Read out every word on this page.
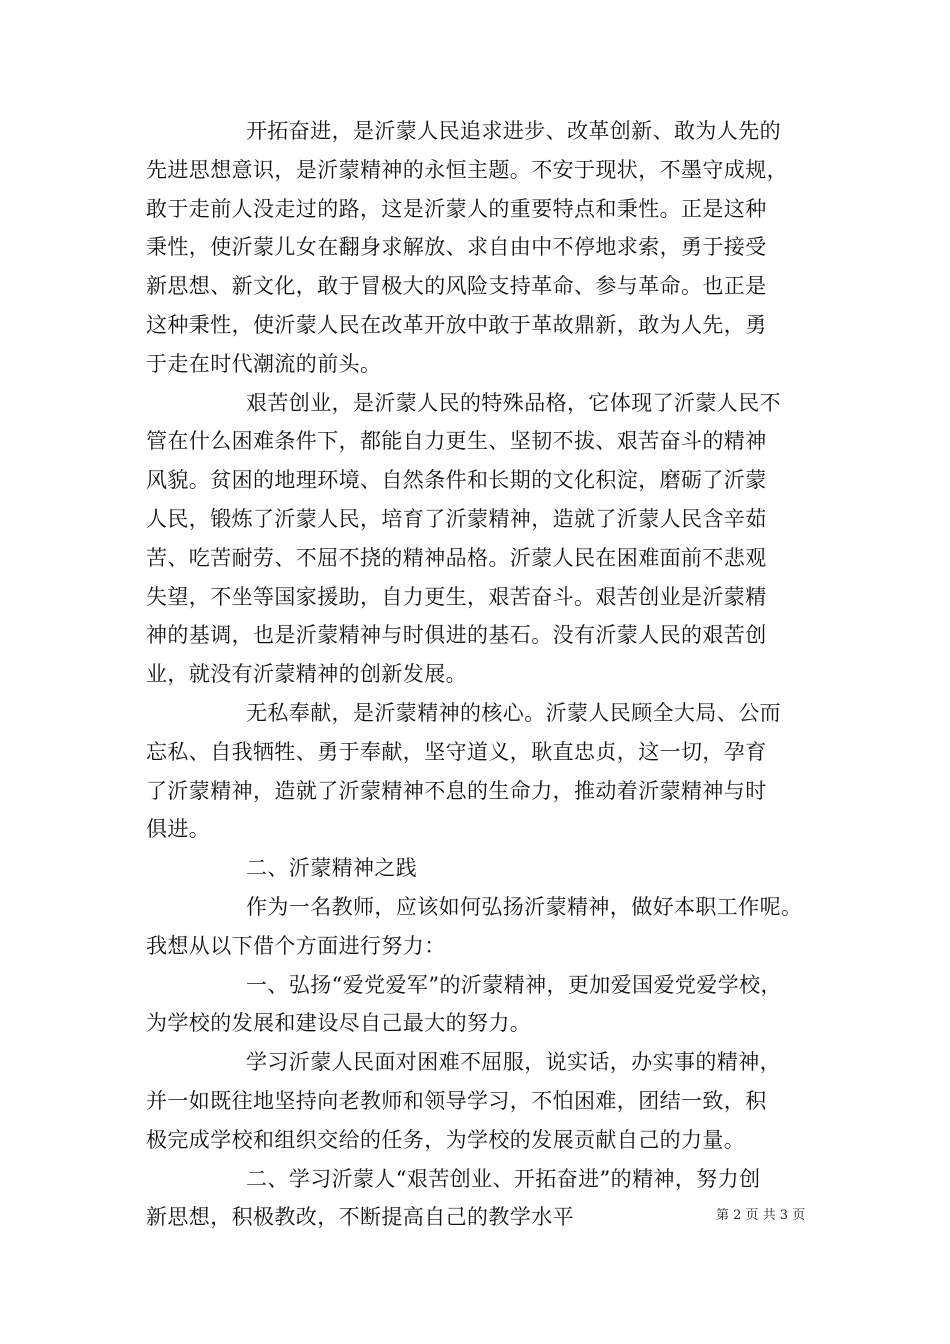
开拓奋进，是沂蒙人民追求进步、改革创新、敢为人先的
先进思想意识，是沂蒙精神的永恒主题。不安于现状，不墨守成规，
敢于走前人没走过的路，这是沂蒙人的重要特点和秉性。正是这种
秉性，使沂蒙儿女在翻身求解放、求自由中不停地求索，勇于接受
新思想、新文化，敢于冒极大的风险支持革命、参与革命。也正是
这种秉性，使沂蒙人民在改革开放中敢于革故鼎新，敢为人先，勇
于走在时代潮流的前头。
艰苦创业，是沂蒙人民的特殊品格，它体现了沂蒙人民不
管在什么困难条件下，都能自力更生、坚韧不拔、艰苦奋斗的精神
风貌。贫困的地理环境、自然条件和长期的文化积淀，磨砺了沂蒙
人民，锻炼了沂蒙人民，培育了沂蒙精神，造就了沂蒙人民含辛茹
苦、吃苦耐劳、不屈不挠的精神品格。沂蒙人民在困难面前不悲观
失望，不坐等国家援助，自力更生，艰苦奋斗。艰苦创业是沂蒙精
神的基调，也是沂蒙精神与时俱进的基石。没有沂蒙人民的艰苦创
业，就没有沂蒙精神的创新发展。
无私奉献，是沂蒙精神的核心。沂蒙人民顾全大局、公而
忘私、自我牺牲、勇于奉献，坚守道义，耿直忠贞，这一切，孕育
了沂蒙精神，造就了沂蒙精神不息的生命力，推动着沂蒙精神与时
俱进。
二、沂蒙精神之践
作为一名教师，应该如何弘扬沂蒙精神，做好本职工作呢。
我想从以下借个方面进行努力：
一、弘扬“爱党爱军”的沂蒙精神，更加爱国爱党爱学校，
为学校的发展和建设尽自己最大的努力。
学习沂蒙人民面对困难不屈服，说实话，办实事的精神，
并一如既往地坚持向老教师和领导学习，不怕困难，团结一致，积
极完成学校和组织交给的任务，为学校的发展贡献自己的力量。
二、学习沂蒙人“艰苦创业、开拓奋进”的精神，努力创
新思想，积极教改，不断提高自己的教学水平	第 2 页 共 3 页
